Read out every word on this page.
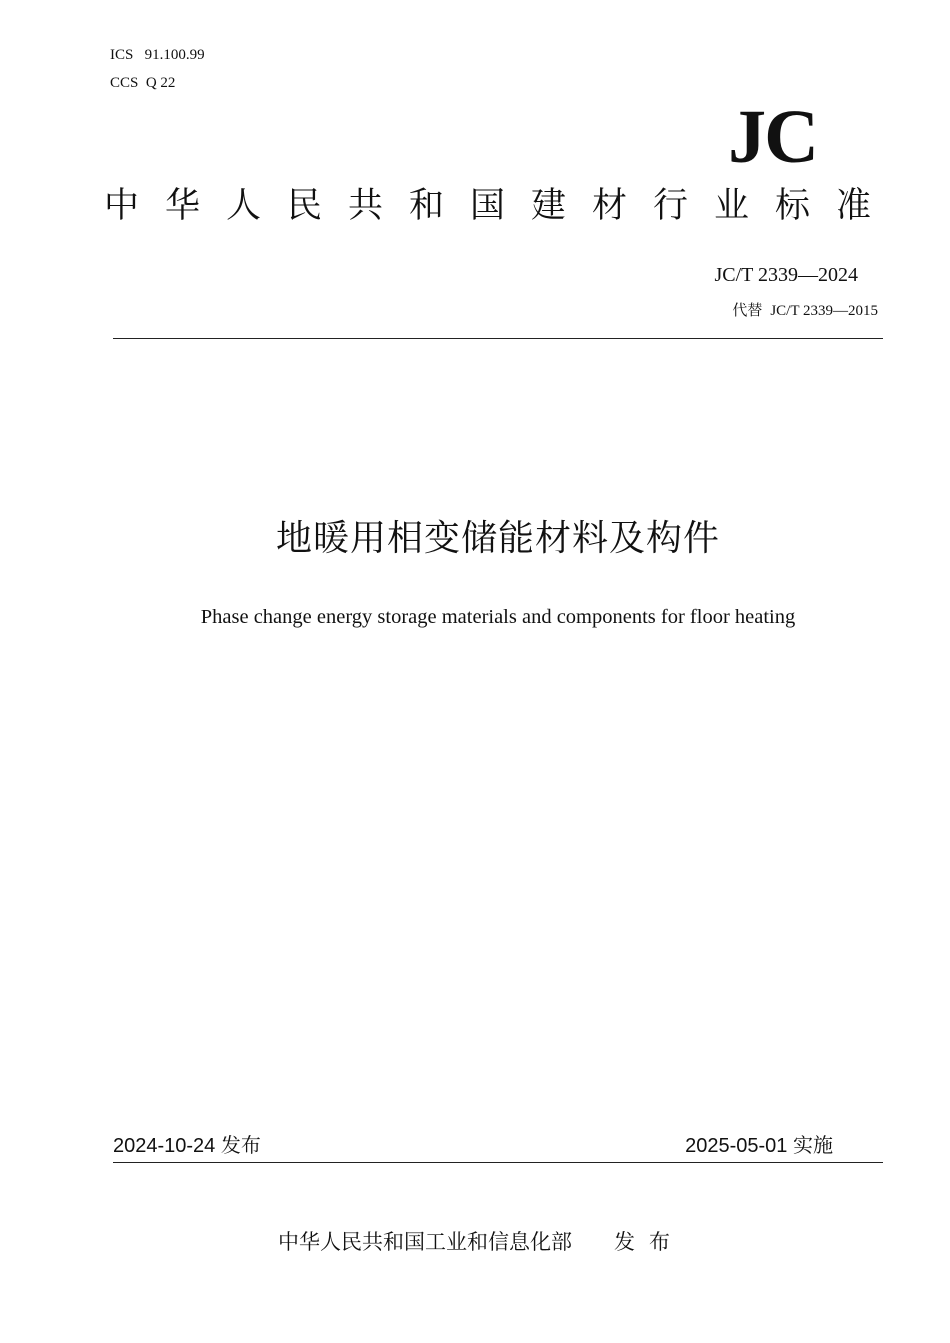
ICS   91.100.99
CCS  Q 22
JC
中华人民共和国建材行业标准
JC/T 2339—2024
代替 JC/T 2339—2015
地暖用相变储能材料及构件
Phase change energy storage materials and components for floor heating
2024-10-24 发布	2025-05-01 实施
中华人民共和国工业和信息化部 发布
